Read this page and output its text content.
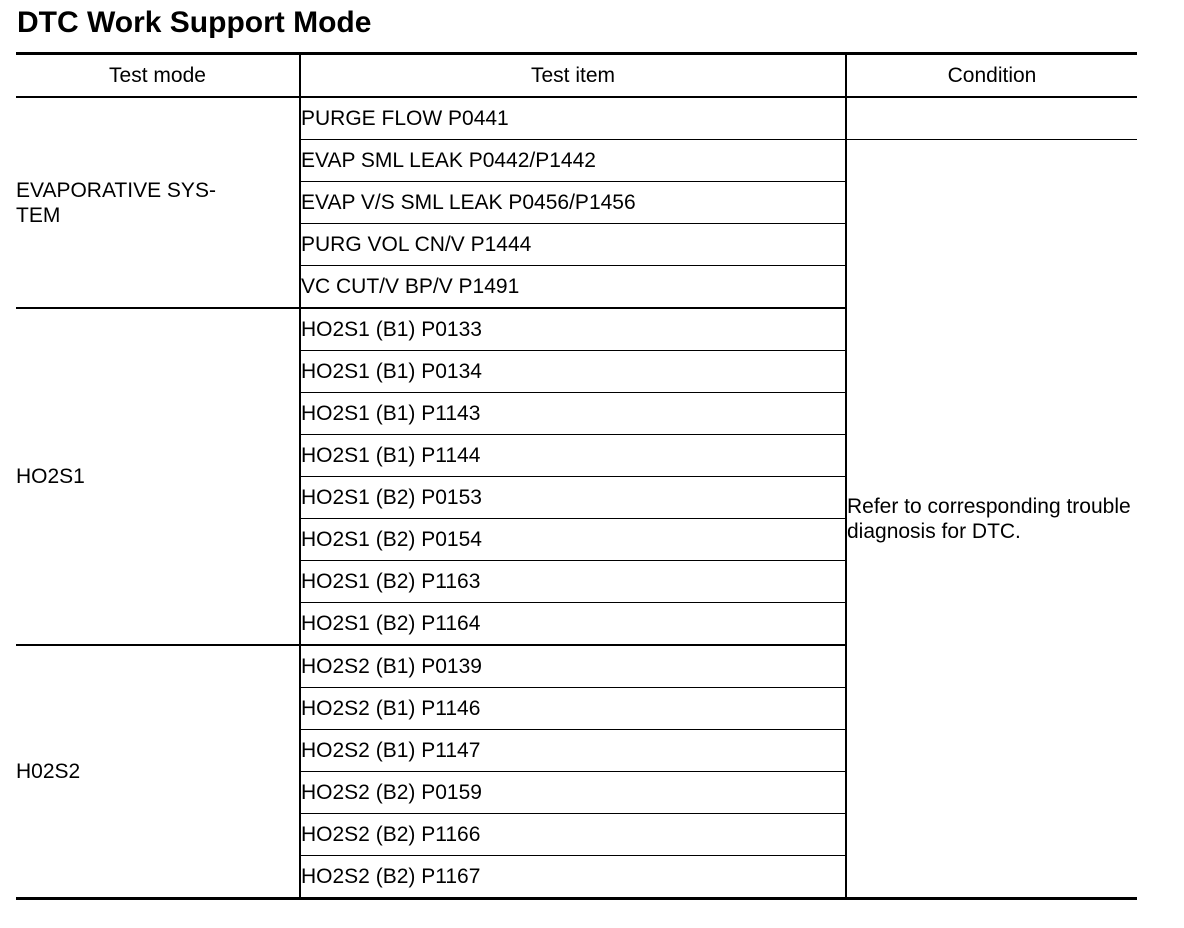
DTC Work Support Mode
Test mode	Test item	Condition
EVAPORATIVE SYS-
TEM	PURGE FLOW P0441	
	EVAP SML LEAK P0442/P1442	Refer to corresponding trouble diagnosis for DTC.
	EVAP V/S SML LEAK P0456/P1456	
	PURG VOL CN/V P1444	
	VC CUT/V BP/V P1491	
HO2S1	HO2S1 (B1) P0133	
	HO2S1 (B1) P0134	
	HO2S1 (B1) P1143	
	HO2S1 (B1) P1144	
	HO2S1 (B2) P0153	
	HO2S1 (B2) P0154	
	HO2S1 (B2) P1163	
	HO2S1 (B2) P1164	
H02S2	HO2S2 (B1) P0139	
	HO2S2 (B1) P1146	
	HO2S2 (B1) P1147	
	HO2S2 (B2) P0159	
	HO2S2 (B2) P1166	
	HO2S2 (B2) P1167	
